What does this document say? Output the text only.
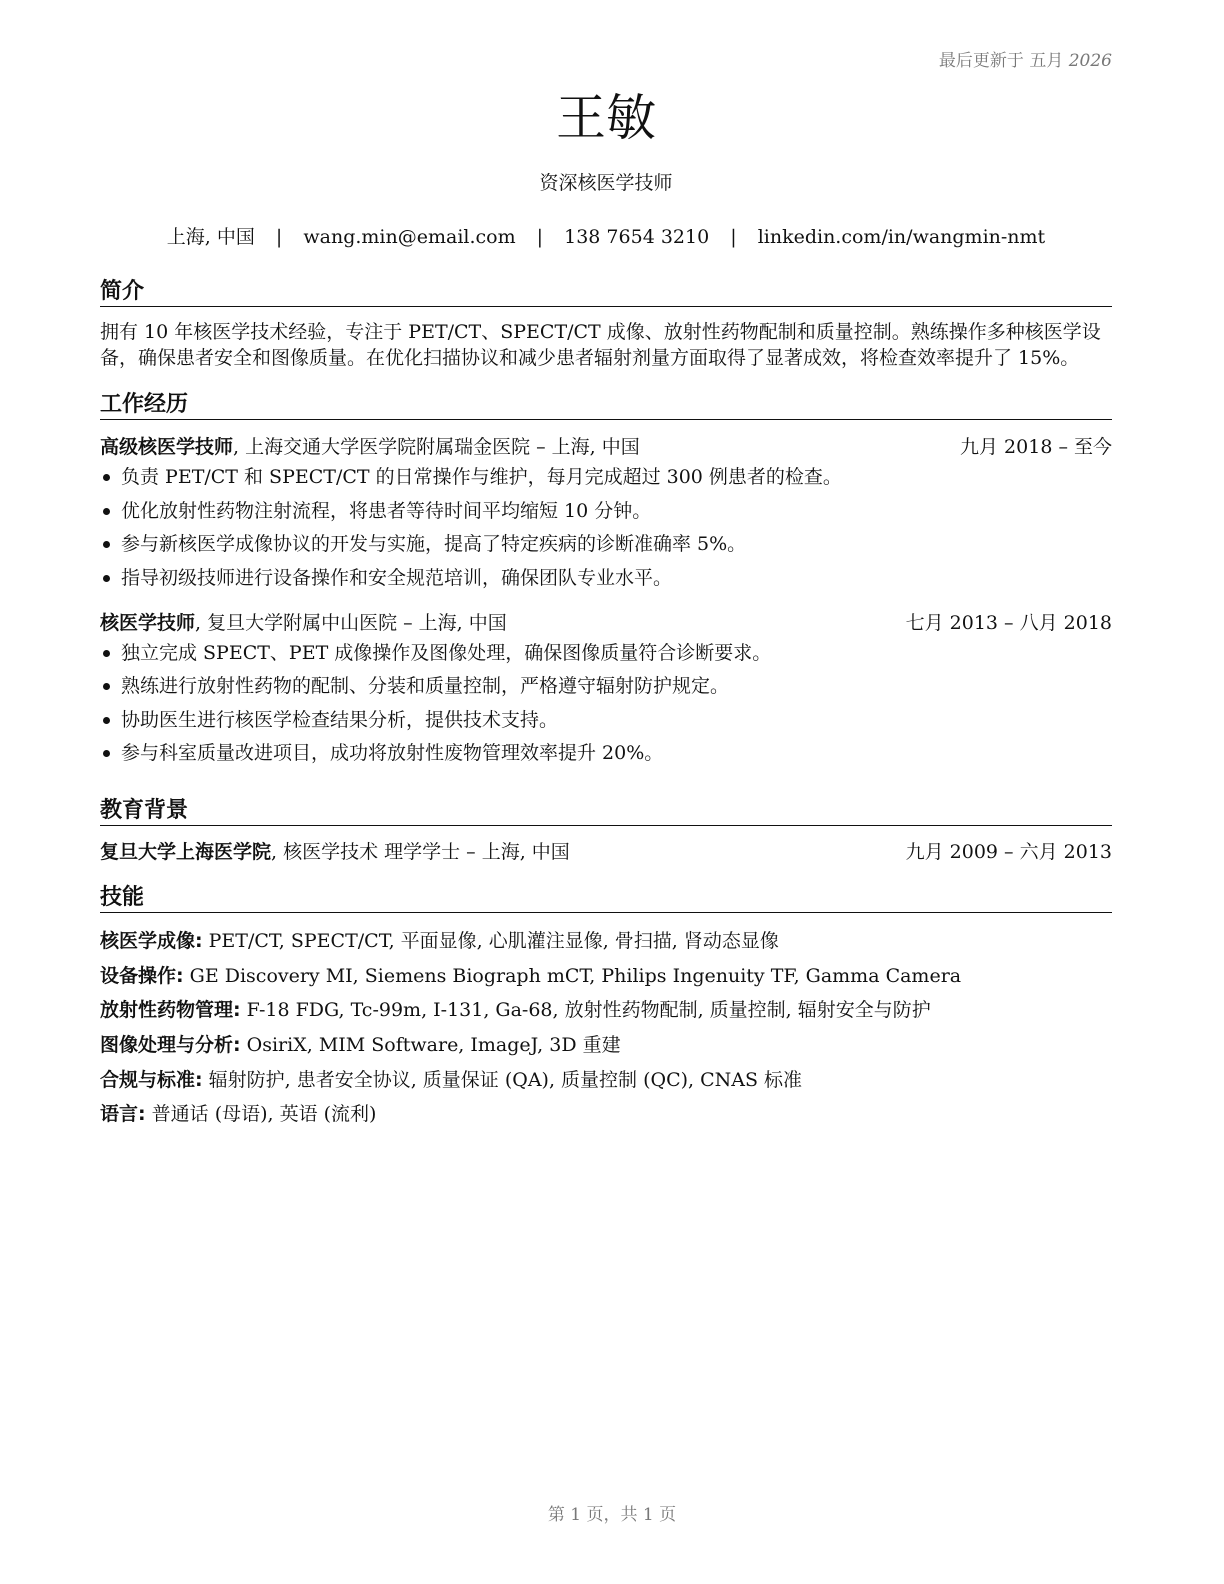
最后更新于 五月 2026
王敏
资深核医学技师
上海, 中国 | wang.min@email.com | 138 7654 3210 | linkedin.com/in/wangmin-nmt
简介
拥有 10 年核医学技术经验，专注于 PET/CT、SPECT/CT 成像、放射性药物配制和质量控制。熟练操作多种核医学设备，确保患者安全和图像质量。在优化扫描协议和减少患者辐射剂量方面取得了显著成效，将检查效率提升了 15%。
工作经历
高级核医学技师, 上海交通大学医学院附属瑞金医院 – 上海, 中国	九月 2018 – 至今
负责 PET/CT 和 SPECT/CT 的日常操作与维护，每月完成超过 300 例患者的检查。
优化放射性药物注射流程，将患者等待时间平均缩短 10 分钟。
参与新核医学成像协议的开发与实施，提高了特定疾病的诊断准确率 5%。
指导初级技师进行设备操作和安全规范培训，确保团队专业水平。
核医学技师, 复旦大学附属中山医院 – 上海, 中国	七月 2013 – 八月 2018
独立完成 SPECT、PET 成像操作及图像处理，确保图像质量符合诊断要求。
熟练进行放射性药物的配制、分装和质量控制，严格遵守辐射防护规定。
协助医生进行核医学检查结果分析，提供技术支持。
参与科室质量改进项目，成功将放射性废物管理效率提升 20%。
教育背景
复旦大学上海医学院, 核医学技术 理学学士 – 上海, 中国	九月 2009 – 六月 2013
技能
核医学成像: PET/CT, SPECT/CT, 平面显像, 心肌灌注显像, 骨扫描, 肾动态显像
设备操作: GE Discovery MI, Siemens Biograph mCT, Philips Ingenuity TF, Gamma Camera
放射性药物管理: F-18 FDG, Tc-99m, I-131, Ga-68, 放射性药物配制, 质量控制, 辐射安全与防护
图像处理与分析: OsiriX, MIM Software, ImageJ, 3D 重建
合规与标准: 辐射防护, 患者安全协议, 质量保证 (QA), 质量控制 (QC), CNAS 标准
语言: 普通话 (母语), 英语 (流利)
第 1 页，共 1 页
